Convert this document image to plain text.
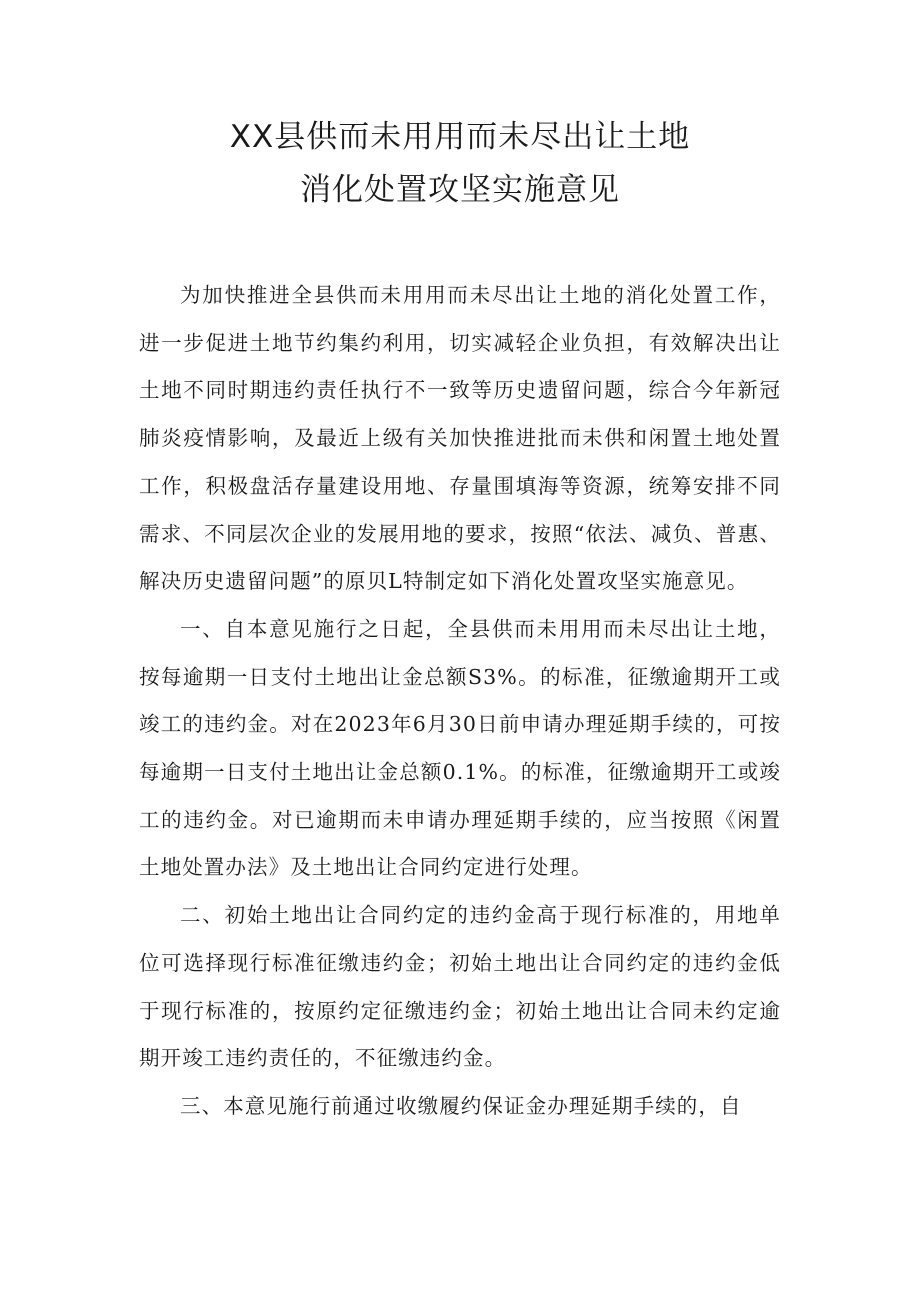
XX县供而未用用而未尽出让土地
消化处置攻坚实施意见

为加快推进全县供而未用用而未尽出让土地的消化处置工作，进一步促进土地节约集约利用，切实减轻企业负担，有效解决出让土地不同时期违约责任执行不一致等历史遗留问题，综合今年新冠肺炎疫情影响，及最近上级有关加快推进批而未供和闲置土地处置工作，积极盘活存量建设用地、存量围填海等资源，统筹安排不同需求、不同层次企业的发展用地的要求，按照“依法、减负、普惠、解决历史遗留问题”的原贝L特制定如下消化处置攻坚实施意见。

一、自本意见施行之日起，全县供而未用用而未尽出让土地，按每逾期一日支付土地出让金总额S3%。的标准，征缴逾期开工或竣工的违约金。对在2023年6月30日前申请办理延期手续的，可按每逾期一日支付土地出让金总额0.1%。的标准，征缴逾期开工或竣工的违约金。对已逾期而未申请办理延期手续的，应当按照《闲置土地处置办法》及土地出让合同约定进行处理。

二、初始土地出让合同约定的违约金高于现行标准的，用地单位可选择现行标准征缴违约金；初始土地出让合同约定的违约金低于现行标准的，按原约定征缴违约金；初始土地出让合同未约定逾期开竣工违约责任的，不征缴违约金。

三、本意见施行前通过收缴履约保证金办理延期手续的，自
